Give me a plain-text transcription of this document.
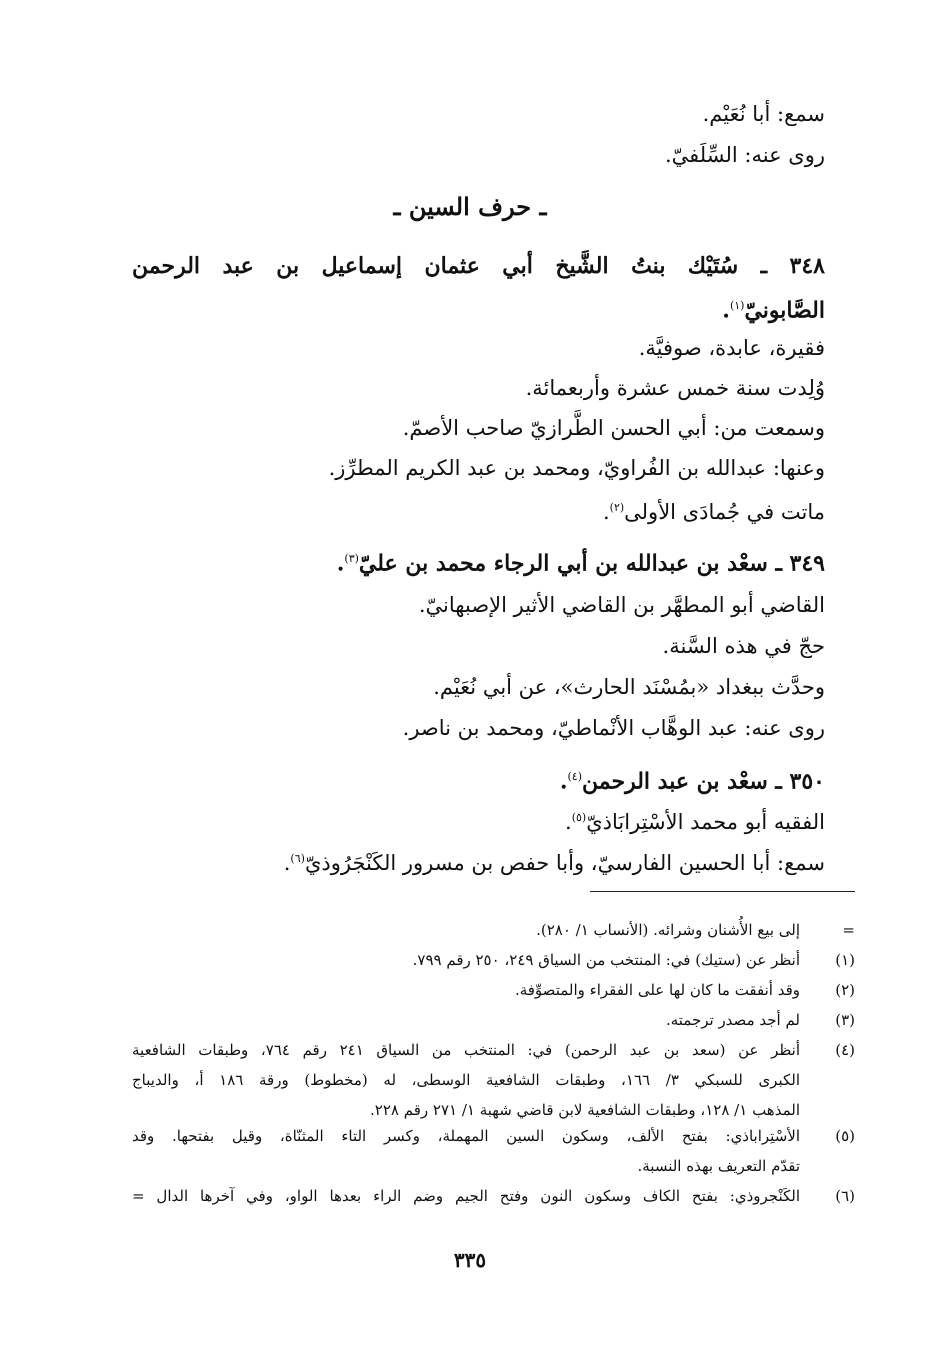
سمع: أبا نُعَيْم.
روى عنه: السِّلَفيّ.
ـ حرف السين ـ
٣٤٨ ـ سُتَيْك بنتُ الشَّيخ أبي عثمان إسماعيل بن عبد الرحمن
الصَّابونيّ$^{(١)}$.
فقيرة، عابدة، صوفيَّة.
وُلِدت سنة خمس عشرة وأربعمائة.
وسمعت من: أبي الحسن الطَّرازيّ صاحب الأصمّ.
وعنها: عبدالله بن الفُراويّ، ومحمد بن عبد الكريم المطرِّز.
ماتت في جُمادَى الأولى$^{(٢)}$.
٣٤٩ ـ سعْد بن عبدالله بن أبي الرجاء محمد بن عليّ$^{(٣)}$.
القاضي أبو المطهَّر بن القاضي الأثير الإصبهانيّ.
حجّ في هذه السَّنة.
وحدَّث ببغداد «بمُسْنَد الحارث»، عن أبي نُعَيْم.
روى عنه: عبد الوهَّاب الأنْماطيّ، ومحمد بن ناصر.
٣٥٠ ـ سعْد بن عبد الرحمن$^{(٤)}$.
الفقيه أبو محمد الأسْتِرابَاذيّ$^{(٥)}$.
سمع: أبا الحسين الفارسيّ، وأبا حفص بن مسرور الكَنْجَرُوذيّ$^{(٦)}$.
=
إلى بيع الأُشنان وشرائه. (الأنساب ١/ ٢٨٠).
(١)
أنظر عن (ستيك) في: المنتخب من السياق ٢٤٩، ٢٥٠ رقم ٧٩٩.
(٢)
وقد أنفقت ما كان لها على الفقراء والمتصوِّفة.
(٣)
لم أجد مصدر ترجمته.
(٤)
أنظر عن (سعد بن عبد الرحمن) في: المنتخب من السياق ٢٤١ رقم ٧٦٤، وطبقات الشافعية
الكبرى للسبكي ٣/ ١٦٦، وطبقات الشافعية الوسطى، له (مخطوط) ورقة ١٨٦ أ، والديباج
المذهب ١/ ١٢٨، وطبقات الشافعية لابن قاضي شهبة ١/ ٢٧١ رقم ٢٢٨.
(٥)
الأسْتِراباذي: بفتح الألف، وسكون السين المهملة، وكسر التاء المثنّاة، وقيل بفتحها. وقد
تقدّم التعريف بهذه النسبة.
(٦)
الكَنْجروذي: بفتح الكاف وسكون النون وفتح الجيم وضم الراء بعدها الواو، وفي آخرها الدال =
٣٣٥
